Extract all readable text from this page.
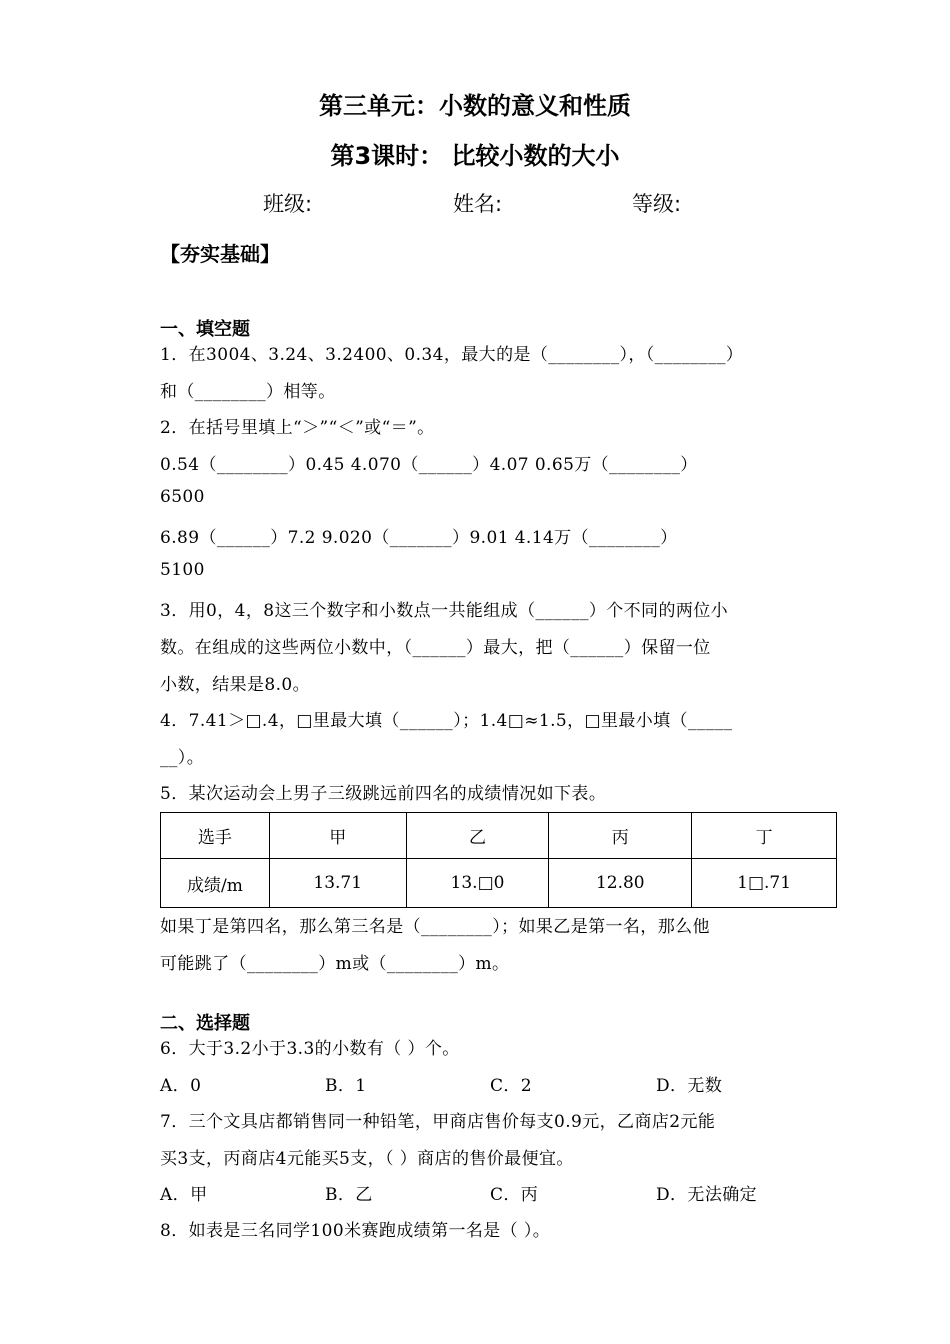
第三单元：小数的意义和性质
第3课时： 比较小数的大小
班级:	姓名:	等级:
【夯实基础】
一、填空题
1．在3004、3.24、3.2400、0.34，最大的是（________），（________）
和（________）相等。
2．在括号里填上“＞”“＜”或“＝”。
0.54（________）0.45 4.070（______）4.07 0.65万（________）
6500
6.89（______）7.2 9.020（_______）9.01 4.14万（________）
5100
3．用0，4，8这三个数字和小数点一共能组成（______）个不同的两位小
数。在组成的这些两位小数中，（______）最大，把（______）保留一位
小数，结果是8.0。
4．7.41＞□.4，□里最大填（______）；1.4□≈1.5，□里最小填（_____
__）。
5．某次运动会上男子三级跳远前四名的成绩情况如下表。
选手	甲	乙	丙	丁
成绩/m	13.71	13.□0	12.80	1□.71
如果丁是第四名，那么第三名是（________）；如果乙是第一名，那么他
可能跳了（________）m或（________）m。
二、选择题
6．大于3.2小于3.3的小数有（ ）个。
A．0	B．1	C．2	D．无数
7．三个文具店都销售同一种铅笔，甲商店售价每支0.9元，乙商店2元能
买3支，丙商店4元能买5支，（ ）商店的售价最便宜。
A．甲	B．乙	C．丙	D．无法确定
8．如表是三名同学100米赛跑成绩第一名是（ ）。
